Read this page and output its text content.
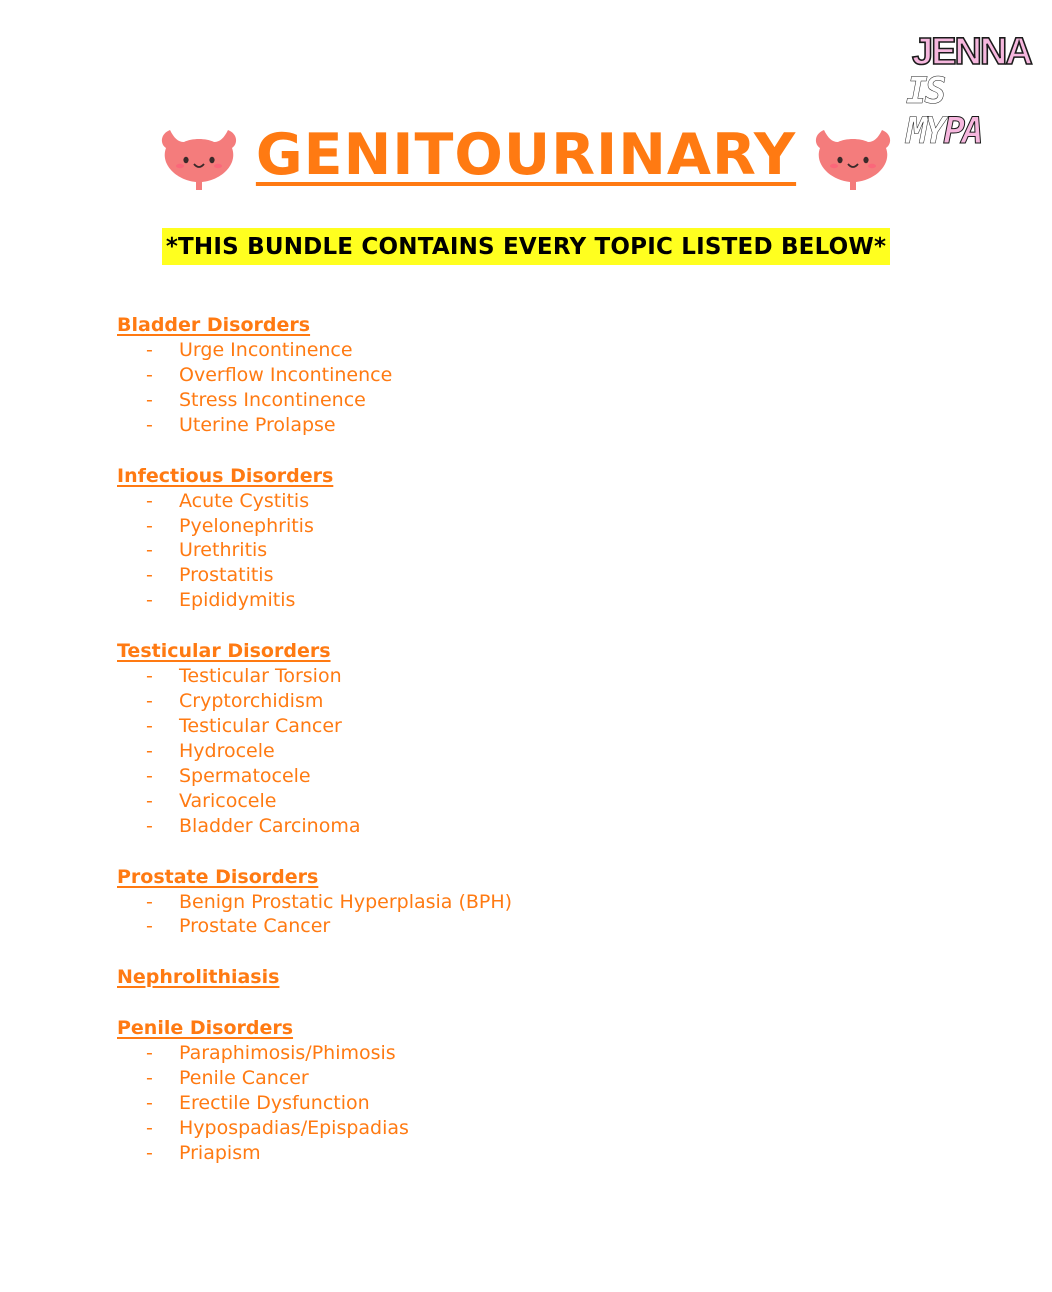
JENNA
IS MYPA
GENITOURINARY
*THIS BUNDLE CONTAINS EVERY TOPIC LISTED BELOW*
Bladder Disorders
- Urge Incontinence
- Overflow Incontinence
- Stress Incontinence
- Uterine Prolapse
Infectious Disorders
- Acute Cystitis
- Pyelonephritis
- Urethritis
- Prostatitis
- Epididymitis
Testicular Disorders
- Testicular Torsion
- Cryptorchidism
- Testicular Cancer
- Hydrocele
- Spermatocele
- Varicocele
- Bladder Carcinoma
Prostate Disorders
- Benign Prostatic Hyperplasia (BPH)
- Prostate Cancer
Nephrolithiasis
Penile Disorders
- Paraphimosis/Phimosis
- Penile Cancer
- Erectile Dysfunction
- Hypospadias/Epispadias
- Priapism
